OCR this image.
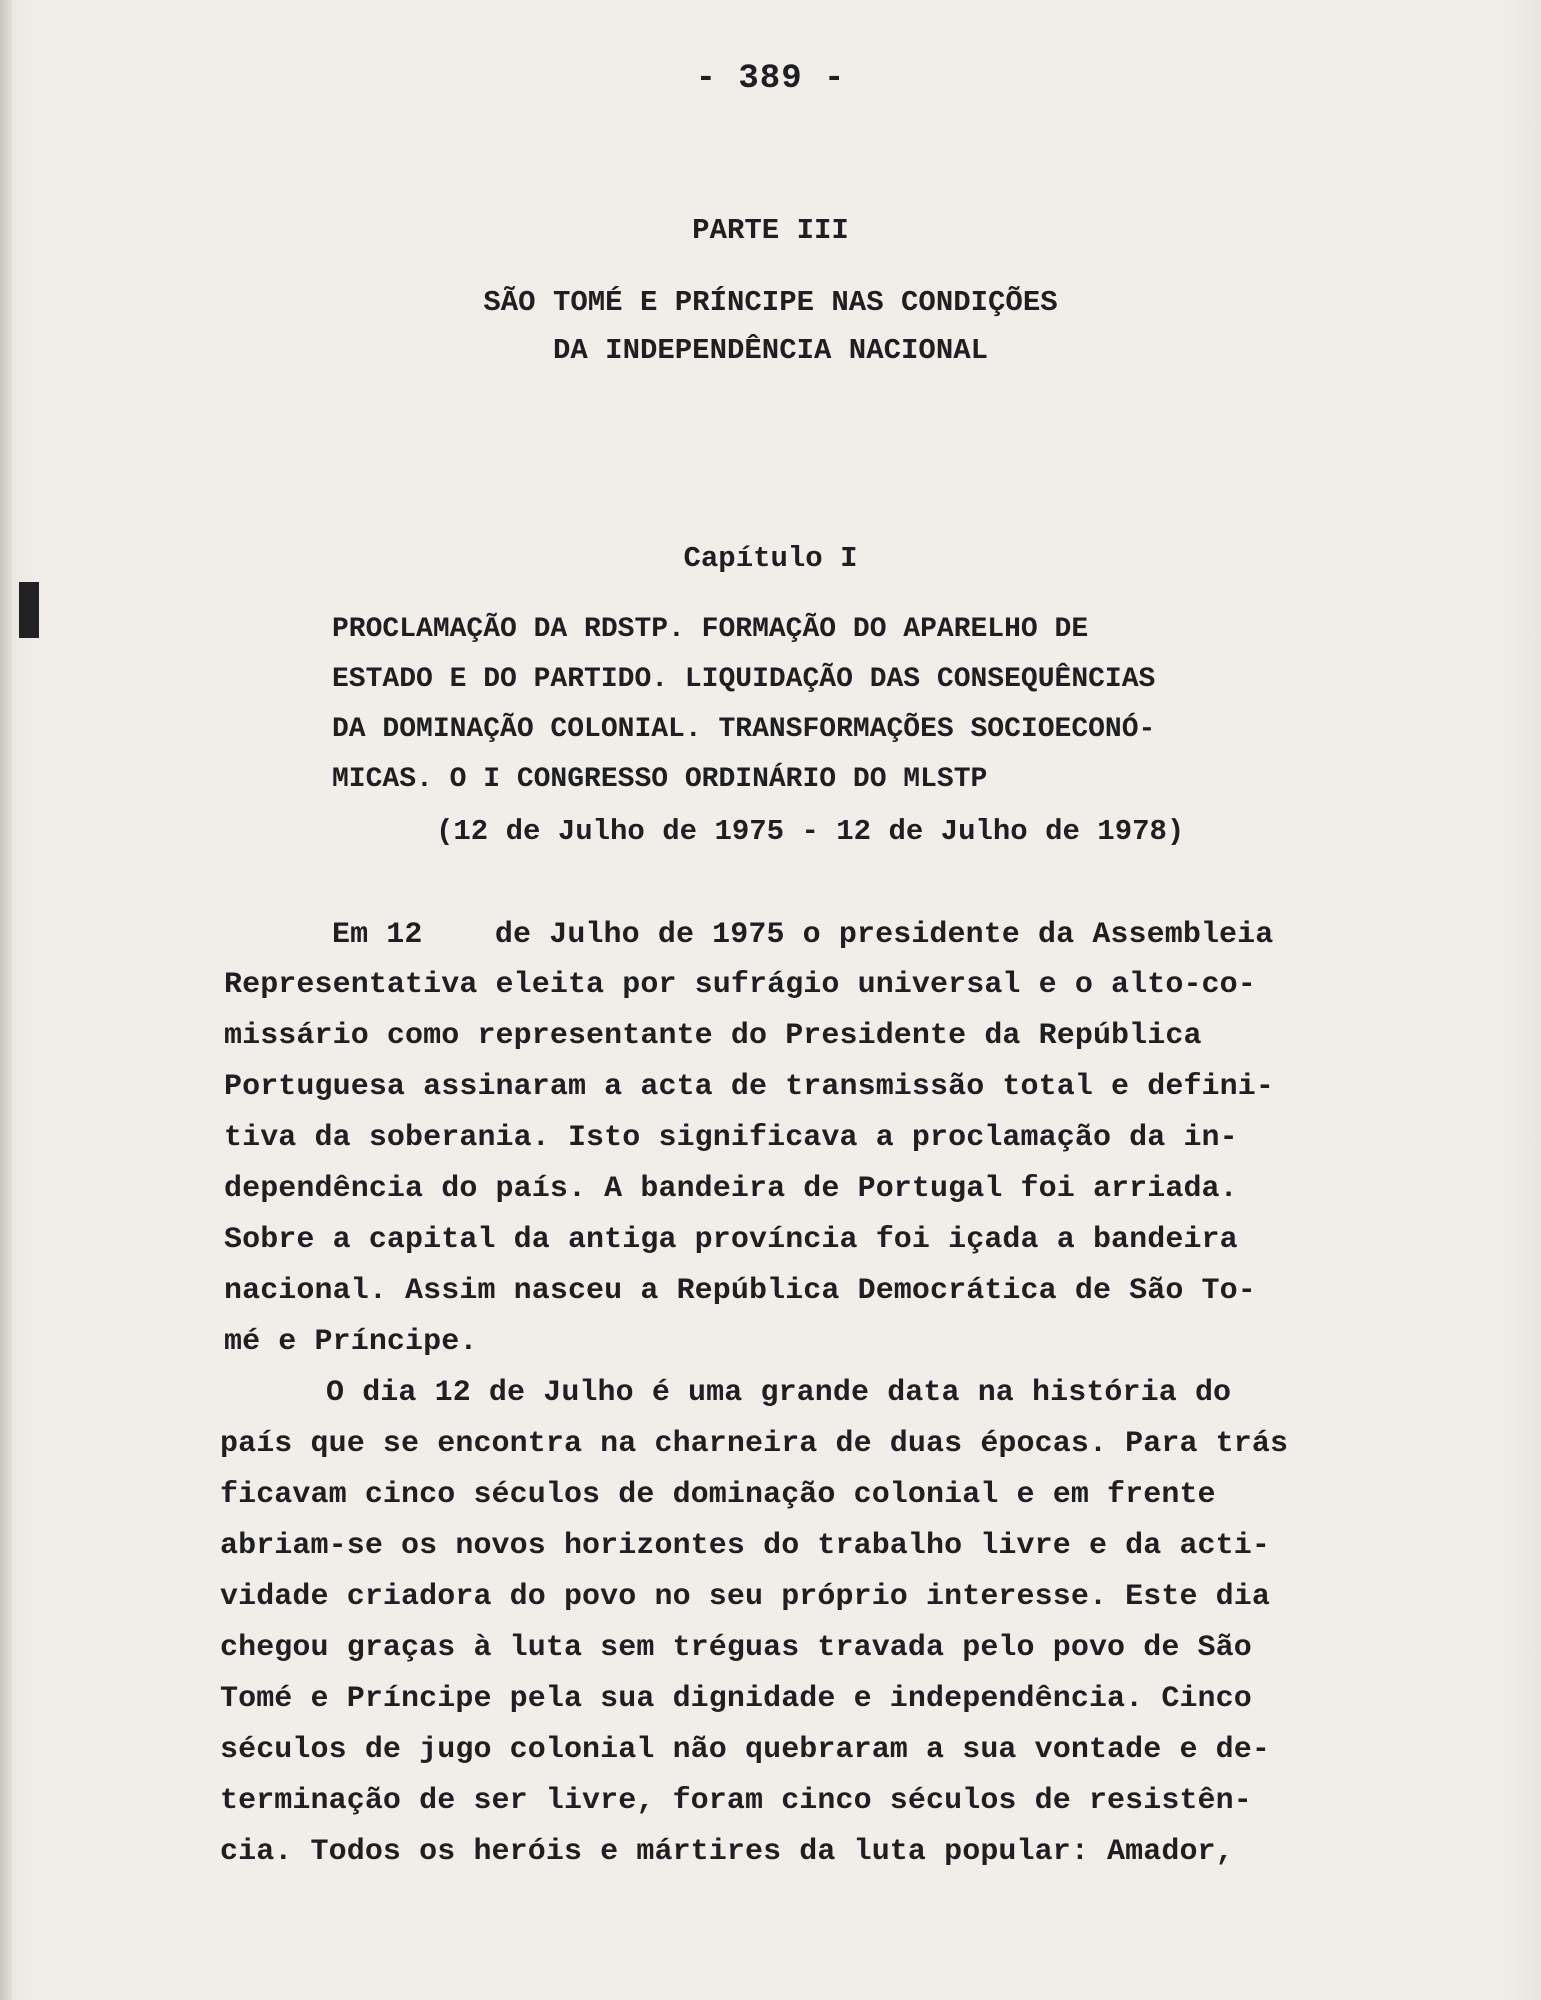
- 389 -
PARTE III
SÃO TOMÉ E PRÍNCIPE NAS CONDIÇÕES
DA INDEPENDÊNCIA NACIONAL
Capítulo I
PROCLAMAÇÃO DA RDSTP. FORMAÇÃO DO APARELHO DE
ESTADO E DO PARTIDO. LIQUIDAÇÃO DAS CONSEQUÊNCIAS
DA DOMINAÇÃO COLONIAL. TRANSFORMAÇÕES SOCIOECONÓ-
MICAS. O I CONGRESSO ORDINÁRIO DO MLSTP
(12 de Julho de 1975 - 12 de Julho de 1978)
Em 12    de Julho de 1975 o presidente da Assembleia
Representativa eleita por sufrágio universal e o alto-co-
missário como representante do Presidente da República
Portuguesa assinaram a acta de transmissão total e defini-
tiva da soberania. Isto significava a proclamação da in-
dependência do país. A bandeira de Portugal foi arriada.
Sobre a capital da antiga província foi içada a bandeira
nacional. Assim nasceu a República Democrática de São To-
mé e Príncipe.
O dia 12 de Julho é uma grande data na história do
país que se encontra na charneira de duas épocas. Para trás
ficavam cinco séculos de dominação colonial e em frente
abriam-se os novos horizontes do trabalho livre e da acti-
vidade criadora do povo no seu próprio interesse. Este dia
chegou graças à luta sem tréguas travada pelo povo de São
Tomé e Príncipe pela sua dignidade e independência. Cinco
séculos de jugo colonial não quebraram a sua vontade e de-
terminação de ser livre, foram cinco séculos de resistên-
cia. Todos os heróis e mártires da luta popular: Amador,
